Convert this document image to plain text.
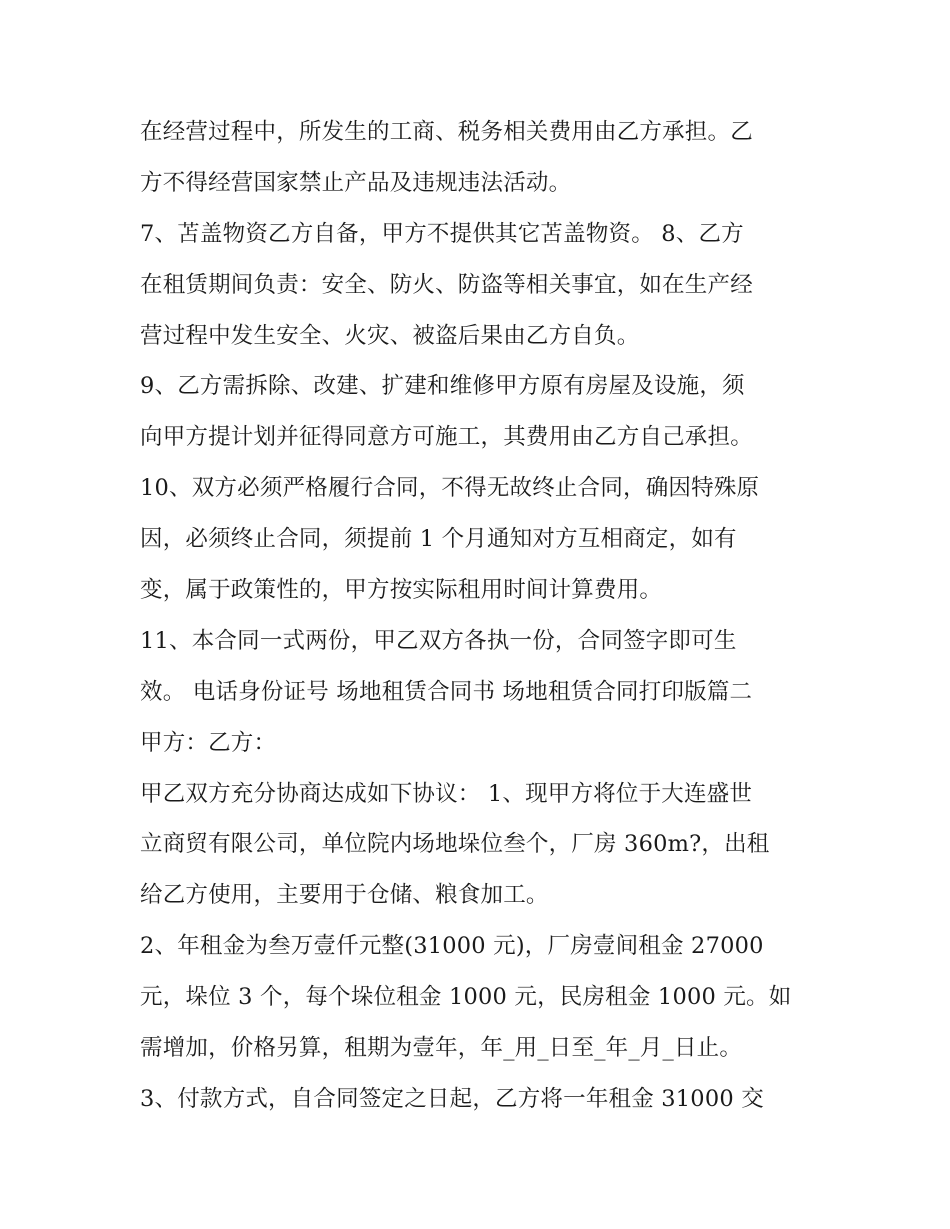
在经营过程中，所发生的工商、税务相关费用由乙方承担。乙
方不得经营国家禁止产品及违规违法活动。
7、苫盖物资乙方自备，甲方不提供其它苫盖物资。 8、乙方
在租赁期间负责：安全、防火、防盗等相关事宜，如在生产经
营过程中发生安全、火灾、被盗后果由乙方自负。
9、乙方需拆除、改建、扩建和维修甲方原有房屋及设施，须
向甲方提计划并征得同意方可施工，其费用由乙方自己承担。
10、双方必须严格履行合同，不得无故终止合同，确因特殊原
因，必须终止合同，须提前 1 个月通知对方互相商定，如有
变，属于政策性的，甲方按实际租用时间计算费用。
11、本合同一式两份，甲乙双方各执一份，合同签字即可生
效。 电话身份证号 场地租赁合同书 场地租赁合同打印版篇二
甲方：乙方：
甲乙双方充分协商达成如下协议： 1、现甲方将位于大连盛世
立商贸有限公司，单位院内场地垛位叁个，厂房 360m?，出租
给乙方使用，主要用于仓储、粮食加工。
2、年租金为叁万壹仟元整(31000 元)，厂房壹间租金 27000
元，垛位 3 个，每个垛位租金 1000 元，民房租金 1000 元。如
需增加，价格另算，租期为壹年，年_用_日至_年_月_日止。
3、付款方式，自合同签定之日起，乙方将一年租金 31000 交
